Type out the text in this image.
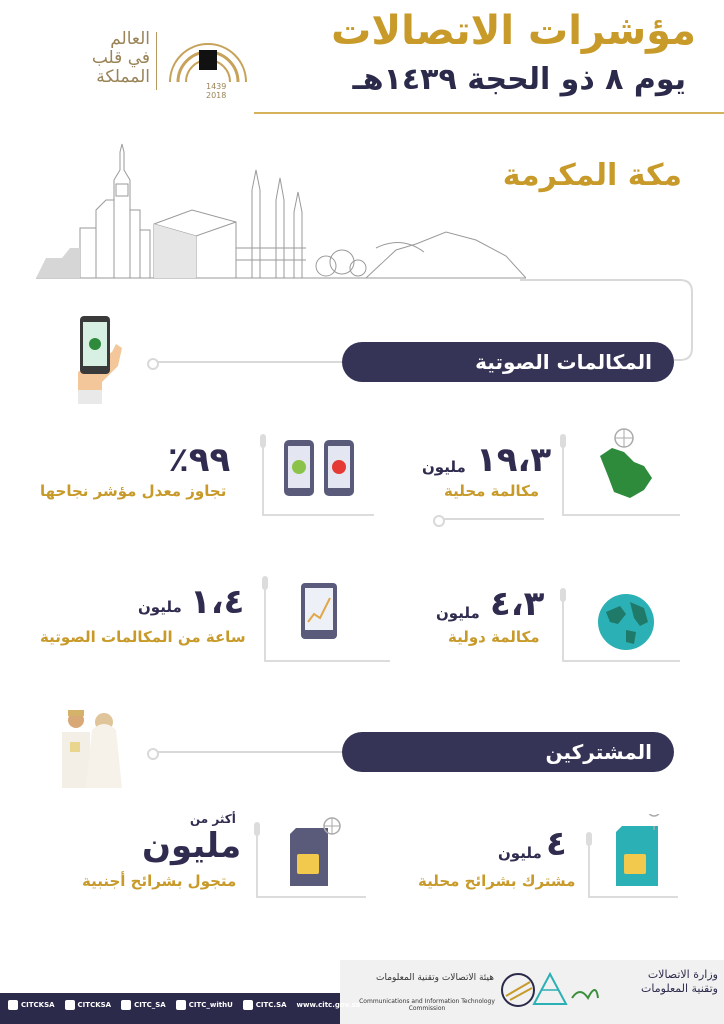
مؤشرات الاتصالات
يوم ٨ ذو الحجة ١٤٣٩هـ
العالم
في قلب
المملكة	1439
2018
مكة المكرمة
المكالمات الصوتية
١٩،٣
مليون
مكالمة محلية
٩٩٪
تجاوز معدل مؤشر نجاحها
٤،٣
مليون
مكالمة دولية
١،٤
مليون
ساعة من المكالمات الصوتية
المشتركين
٤
مليون
مشترك بشرائح محلية
أكثر من
مليون
متجول بشرائح أجنبية
CITCKSA	CITCKSA	CITC_SA	CITC_withU	CITC.SA www.citc.gov.sa
هيئة الاتصالات وتقنية المعلومات
Communications and Information Technology Commission
وزارة الاتصالات
وتقنية المعلومات
